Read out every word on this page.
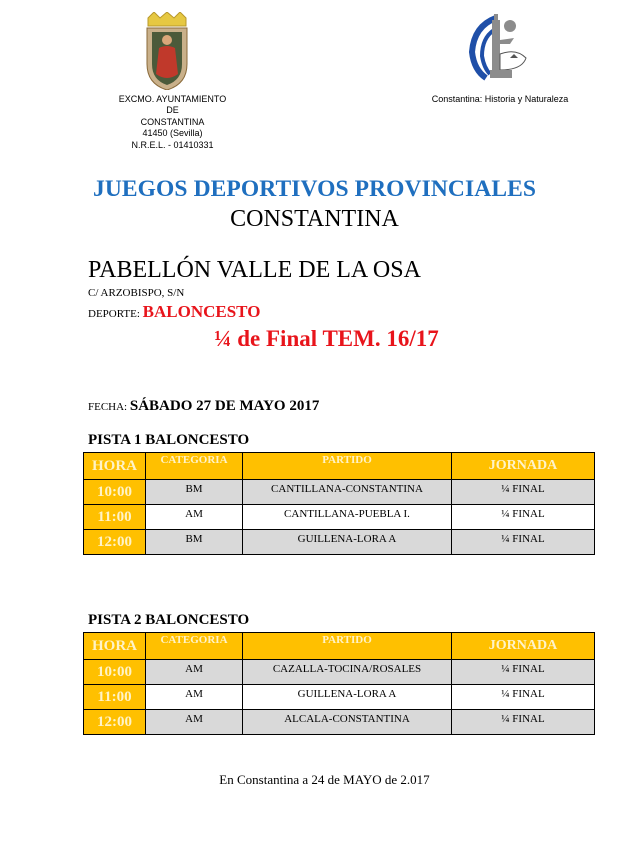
EXCMO. AYUNTAMIENTO
DE
CONSTANTINA
41450 (Sevilla)
N.R.E.L. - 01410331
Constantina: Historia y Naturaleza
JUEGOS DEPORTIVOS PROVINCIALES
CONSTANTINA
PABELLÓN VALLE DE LA OSA
C/ ARZOBISPO, S/N
DEPORTE: BALONCESTO
¼ de Final TEM. 16/17
FECHA: SÁBADO 27 DE MAYO 2017
PISTA 1 BALONCESTO
HORA	CATEGORIA	PARTIDO	JORNADA
10:00	BM	CANTILLANA-CONSTANTINA	¼ FINAL
11:00	AM	CANTILLANA-PUEBLA I.	¼ FINAL
12:00	BM	GUILLENA-LORA A	¼ FINAL
PISTA 2 BALONCESTO
HORA	CATEGORIA	PARTIDO	JORNADA
10:00	AM	CAZALLA-TOCINA/ROSALES	¼ FINAL
11:00	AM	GUILLENA-LORA A	¼ FINAL
12:00	AM	ALCALA-CONSTANTINA	¼ FINAL
En Constantina a 24 de MAYO de 2.017
